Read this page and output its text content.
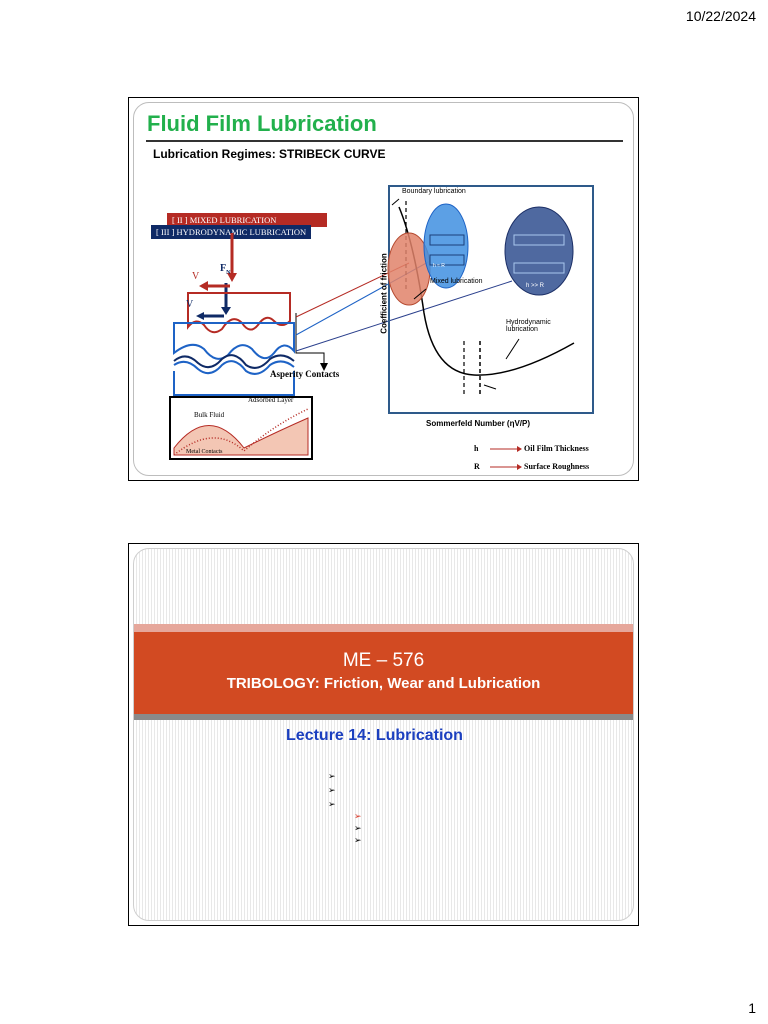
10/22/2024
Fluid Film Lubrication
Lubrication Regimes: STRIBECK CURVE
[ II ] MIXED LUBRICATION
[ III ] HYDRODYNAMIC LUBRICATION
V
V
$F_N$
Asperity Contacts
Adsorbed Layer
Bulk Fluid
Metal Contacts
Boundary lubrication
Mixed lubrication
Hydrodynamic
lubrication
h ≈ R
h >> R
Coefficient of friction
Sommerfeld Number (ηV/P)
h	Oil Film Thickness
R	Surface Roughness
ME – 576
TRIBOLOGY: Friction, Wear and Lubrication
Lecture 14: Lubrication
➢
➢
➢
➢
➢
➢
1
